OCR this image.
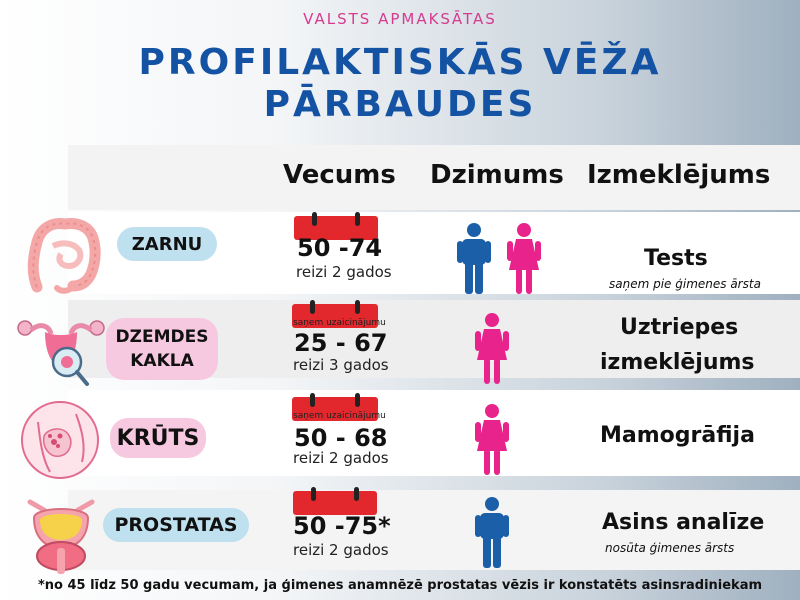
VALSTS APMAKSĀTAS
PROFILAKTISKĀS VĒŽA
PĀRBAUDES
Vecums Dzimums Izmeklējums
ZARNU	50 -74
reizi 2 gados
Tests
saņem pie ģimenes ārsta
DZEMDES
KAKLA
saņem uzaicinājumu
25 - 67
reizi 3 gados
Uztriepes
izmeklējums
KRŪTS
saņem uzaicinājumu
50 - 68
reizi 2 gados
Mamogrāfija
PROSTATAS	50 -75*
reizi 2 gados
Asins analīze
nosūta ģimenes ārsts
*no 45 līdz 50 gadu vecumam, ja ģimenes anamnēzē prostatas vēzis ir konstatēts asinsradiniekam
